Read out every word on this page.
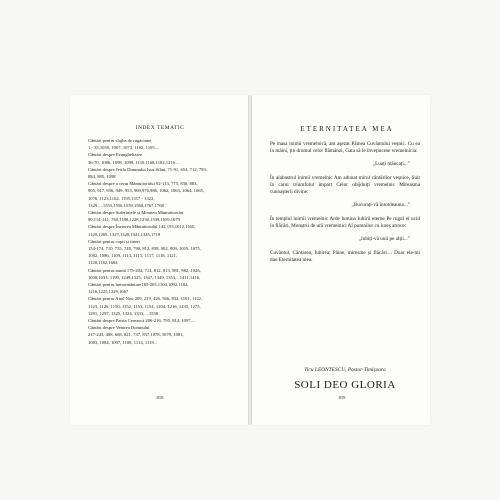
INDEX TEMATIC
Cântări pentru slujba de rugăciune
1 - 35,1050, 1067, 1073, 1102, 1105....
Cântări despre Evanghelizare
36-70, 1086, 1098, 1099, 1110,1168,1182,1216.....
Cântări despre Jertfa Domnului Isus Sfânt, 71-91, 654, 712, 793,
884, 885, 1098
Cântări despre a cerut Mântuitorului 92-113, 775, 830, 883,
905, 917, 936, 949, 953, 969,976,986, 1062, 1063, 1064, 1065,
1076, 1123,1162, 1195,1317 - 1322,
1329.....1555,1556,1559,1560,1767,1768
Cântări despre Suferințele și Moartea Mântuitorului
90,114-141, 760,1188,1228,1230,1339,1659,1679
Cântări despre Învierea Mântuitorului 142,155,1012,1165,
1120,1269, 1327,1328,1341,1345,1719
Cântări pentru copii și tineri
154-174, 710, 735, 748, 790, 812, 858, 902, 909, 1019, 1075,
1082, 1086, 1109, 1113, 1115, 1117, 1118, 1121,
1120,1162,1684
Cântări pentru nuntă 175-204, 714, 812, 813, 981, 982, 1026,
1030,1033, 1199, 1249,1325, 1347, 1349, 1353,...1411,1416,
Cântări pentru înmormântare185-205,1104,1092,1182,
1216,1225,1229,1667
Cântări pentru Anul Nou 209, 219, 426, 566, 832, 1101, 1122,
1123, 1126, 1150, 1152, 1153, 1154, 1204, 1216, 1235, 1275,
1291, 1297, 1325, 1324, 1333, ...1558
Cântări despre Patria Cerească 206-216, 795, 814, 1097,...
Cântări despre Venirea Domnului
217-243, 408, 668, 821, 737, 837,1078, 1079, 1081,
1083, 1084, 1097, 1108, 1114, 1119...
818
ETERNITATEA MEA
Pe masa inimii vremelnică, am așezat Pâinea Cuvântului veșnic. Cu ea în mâini, țin drumul celor flămânzi, Gata să le învețincese vremelnicia:
„Luați mâncați...”
În alabastrul inimii vremelnic Am adunat mirul cântărilor veșnice, Suit în carul triumfului împart Celor obijduiți vremelnic Mireasma cunoașterii divine:
„Bucurați-vă întotdeauna...”
În templul inimii vremelnic Arde lumina Iubirii eterne Pe rugul ei ucid în flăcări, Monștrii de ură vremelnici Ai pumnilor cu iureș atroce:
„Iubiți-vă unii pe alții...”
Cuvântul, Cântarea, Iubirea; Pâine, miresme și flăcări.... Doar ele-mi dau Eternitatea mea.
Ticu LEONTESCU, Pastor-Timișoara
SOLI DEO GLORIA
819
